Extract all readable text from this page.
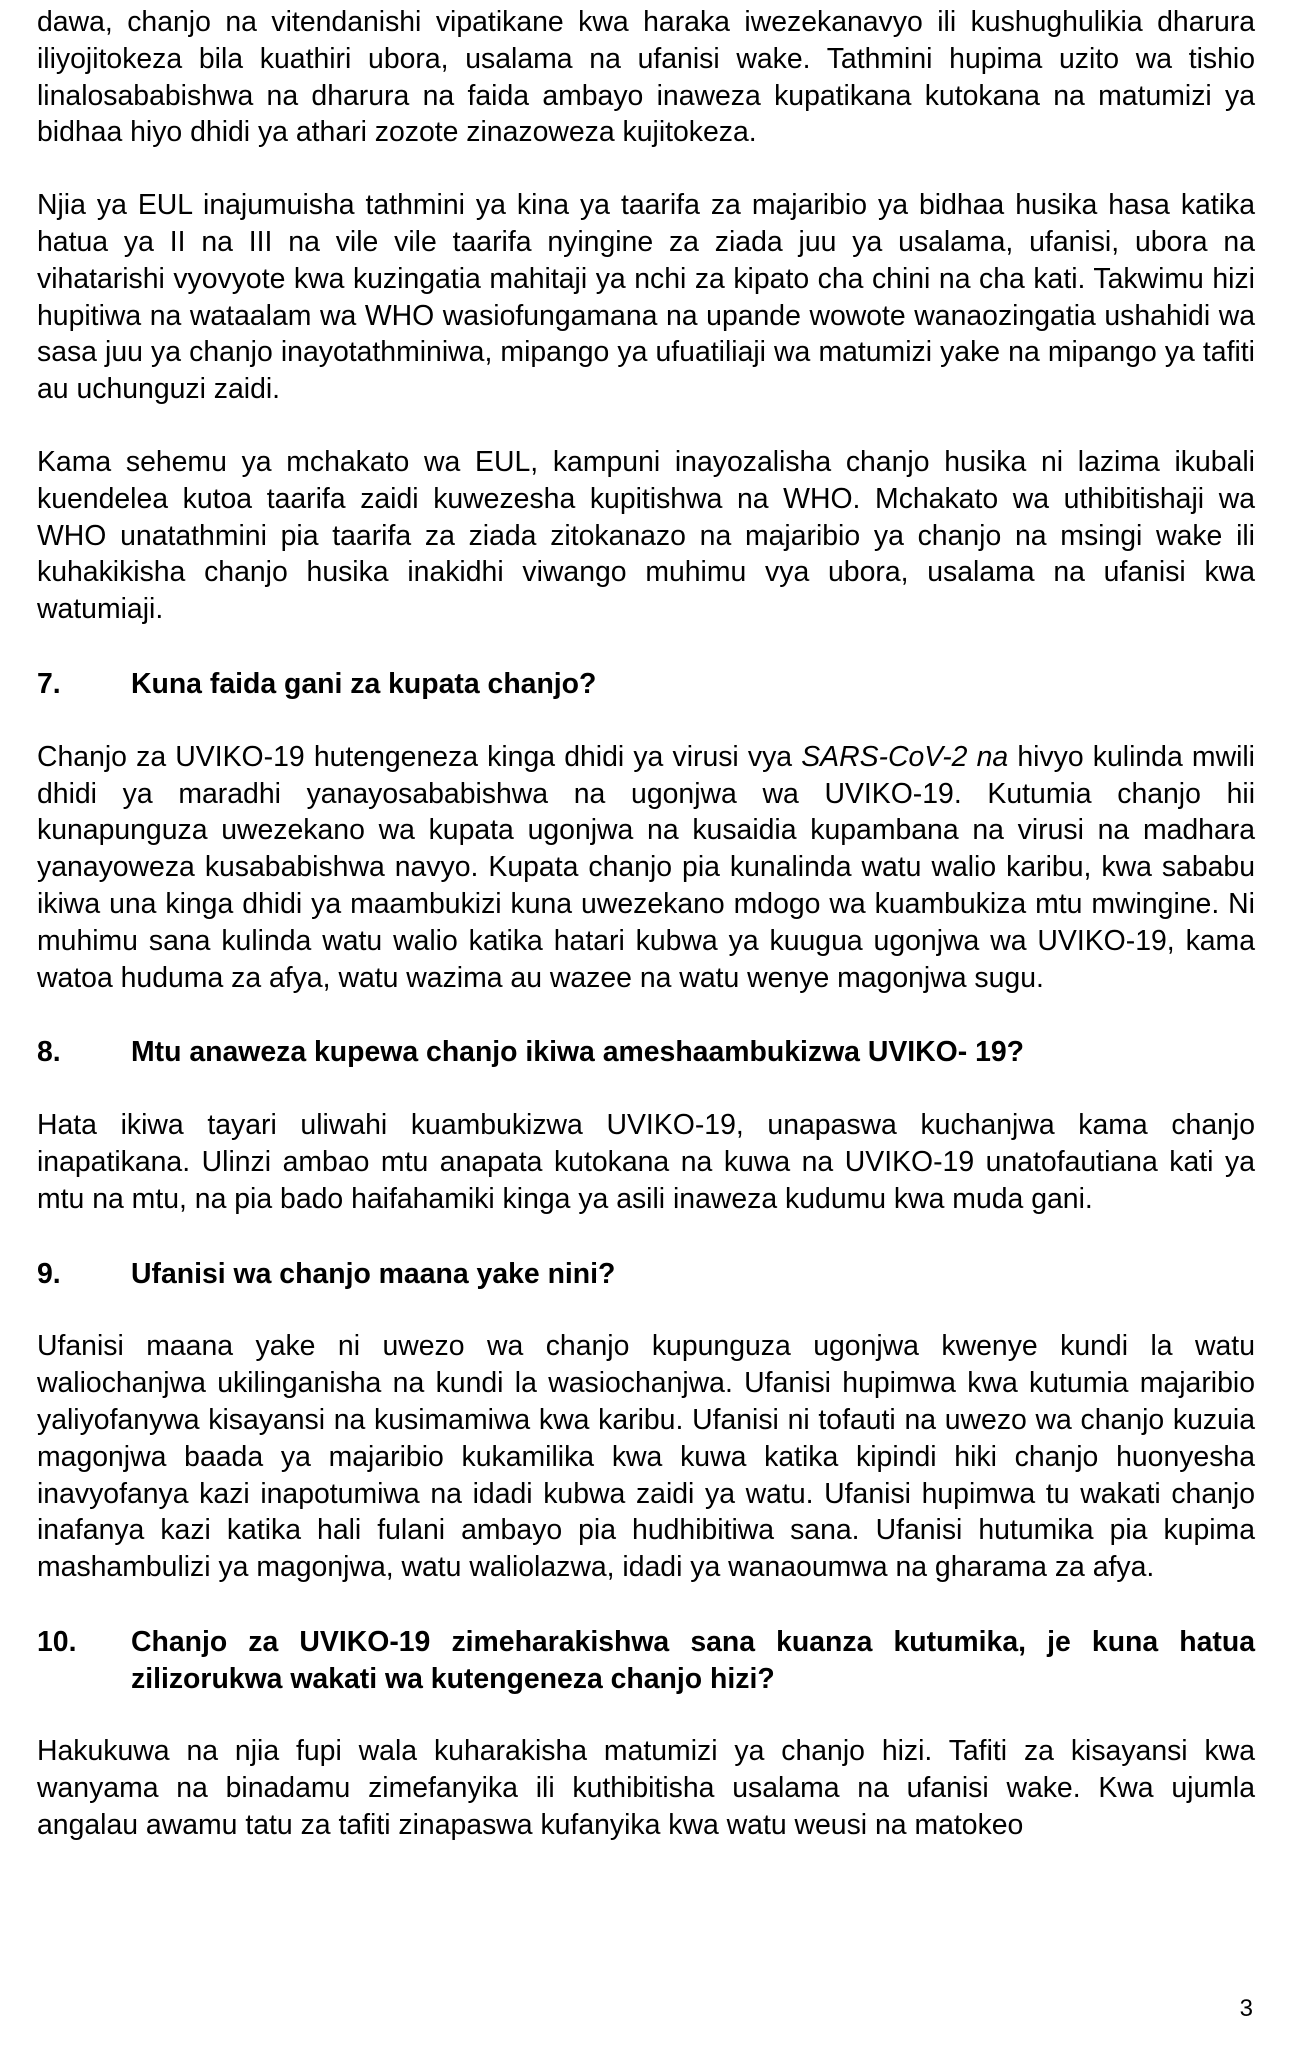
dawa, chanjo na vitendanishi vipatikane kwa haraka iwezekanavyo ili kushughulikia dharura iliyojitokeza bila kuathiri ubora, usalama na ufanisi wake. Tathmini hupima uzito wa tishio linalosababishwa na dharura na faida ambayo inaweza kupatikana kutokana na matumizi ya bidhaa hiyo dhidi ya athari zozote zinazoweza kujitokeza.

Njia ya EUL inajumuisha tathmini ya kina ya taarifa za majaribio ya bidhaa husika hasa katika hatua ya II na III na vile vile taarifa nyingine za ziada juu ya usalama, ufanisi, ubora na vihatarishi vyovyote kwa kuzingatia mahitaji ya nchi za kipato cha chini na cha kati. Takwimu hizi hupitiwa na wataalam wa WHO wasiofungamana na upande wowote wanaozingatia ushahidi wa sasa juu ya chanjo inayotathminiwa, mipango ya ufuatiliaji wa matumizi yake na mipango ya tafiti au uchunguzi zaidi.

Kama sehemu ya mchakato wa EUL, kampuni inayozalisha chanjo husika ni lazima ikubali kuendelea kutoa taarifa zaidi kuwezesha kupitishwa na WHO. Mchakato wa uthibitishaji wa WHO unatathmini pia taarifa za ziada zitokanazo na majaribio ya chanjo na msingi wake ili kuhakikisha chanjo husika inakidhi viwango muhimu vya ubora, usalama na ufanisi kwa watumiaji.

7.	Kuna faida gani za kupata chanjo?

Chanjo za UVIKO-19 hutengeneza kinga dhidi ya virusi vya SARS-CoV-2 na hivyo kulinda mwili dhidi ya maradhi yanayosababishwa na ugonjwa wa UVIKO-19. Kutumia chanjo hii kunapunguza uwezekano wa kupata ugonjwa na kusaidia kupambana na virusi na madhara yanayoweza kusababishwa navyo. Kupata chanjo pia kunalinda watu walio karibu, kwa sababu ikiwa una kinga dhidi ya maambukizi kuna uwezekano mdogo wa kuambukiza mtu mwingine. Ni muhimu sana kulinda watu walio katika hatari kubwa ya kuugua ugonjwa wa UVIKO-19, kama watoa huduma za afya, watu wazima au wazee na watu wenye magonjwa sugu.

8.	Mtu anaweza kupewa chanjo ikiwa ameshaambukizwa UVIKO- 19?

Hata ikiwa tayari uliwahi kuambukizwa UVIKO-19, unapaswa kuchanjwa kama chanjo inapatikana. Ulinzi ambao mtu anapata kutokana na kuwa na UVIKO-19 unatofautiana kati ya mtu na mtu, na pia bado haifahamiki kinga ya asili inaweza kudumu kwa muda gani.

9.	Ufanisi wa chanjo maana yake nini?

Ufanisi maana yake ni uwezo wa chanjo kupunguza ugonjwa kwenye kundi la watu waliochanjwa ukilinganisha na kundi la wasiochanjwa. Ufanisi hupimwa kwa kutumia majaribio yaliyofanywa kisayansi na kusimamiwa kwa karibu. Ufanisi ni tofauti na uwezo wa chanjo kuzuia magonjwa baada ya majaribio kukamilika kwa kuwa katika kipindi hiki chanjo huonyesha inavyofanya kazi inapotumiwa na idadi kubwa zaidi ya watu. Ufanisi hupimwa tu wakati chanjo inafanya kazi katika hali fulani ambayo pia hudhibitiwa sana. Ufanisi hutumika pia kupima mashambulizi ya magonjwa, watu waliolazwa, idadi ya wanaoumwa na gharama za afya.

10.	Chanjo za UVIKO-19 zimeharakishwa sana kuanza kutumika, je kuna hatua zilizorukwa wakati wa kutengeneza chanjo hizi?

Hakukuwa na njia fupi wala kuharakisha matumizi ya chanjo hizi. Tafiti za kisayansi kwa wanyama na binadamu zimefanyika ili kuthibitisha usalama na ufanisi wake. Kwa ujumla angalau awamu tatu za tafiti zinapaswa kufanyika kwa watu weusi na matokeo

3
